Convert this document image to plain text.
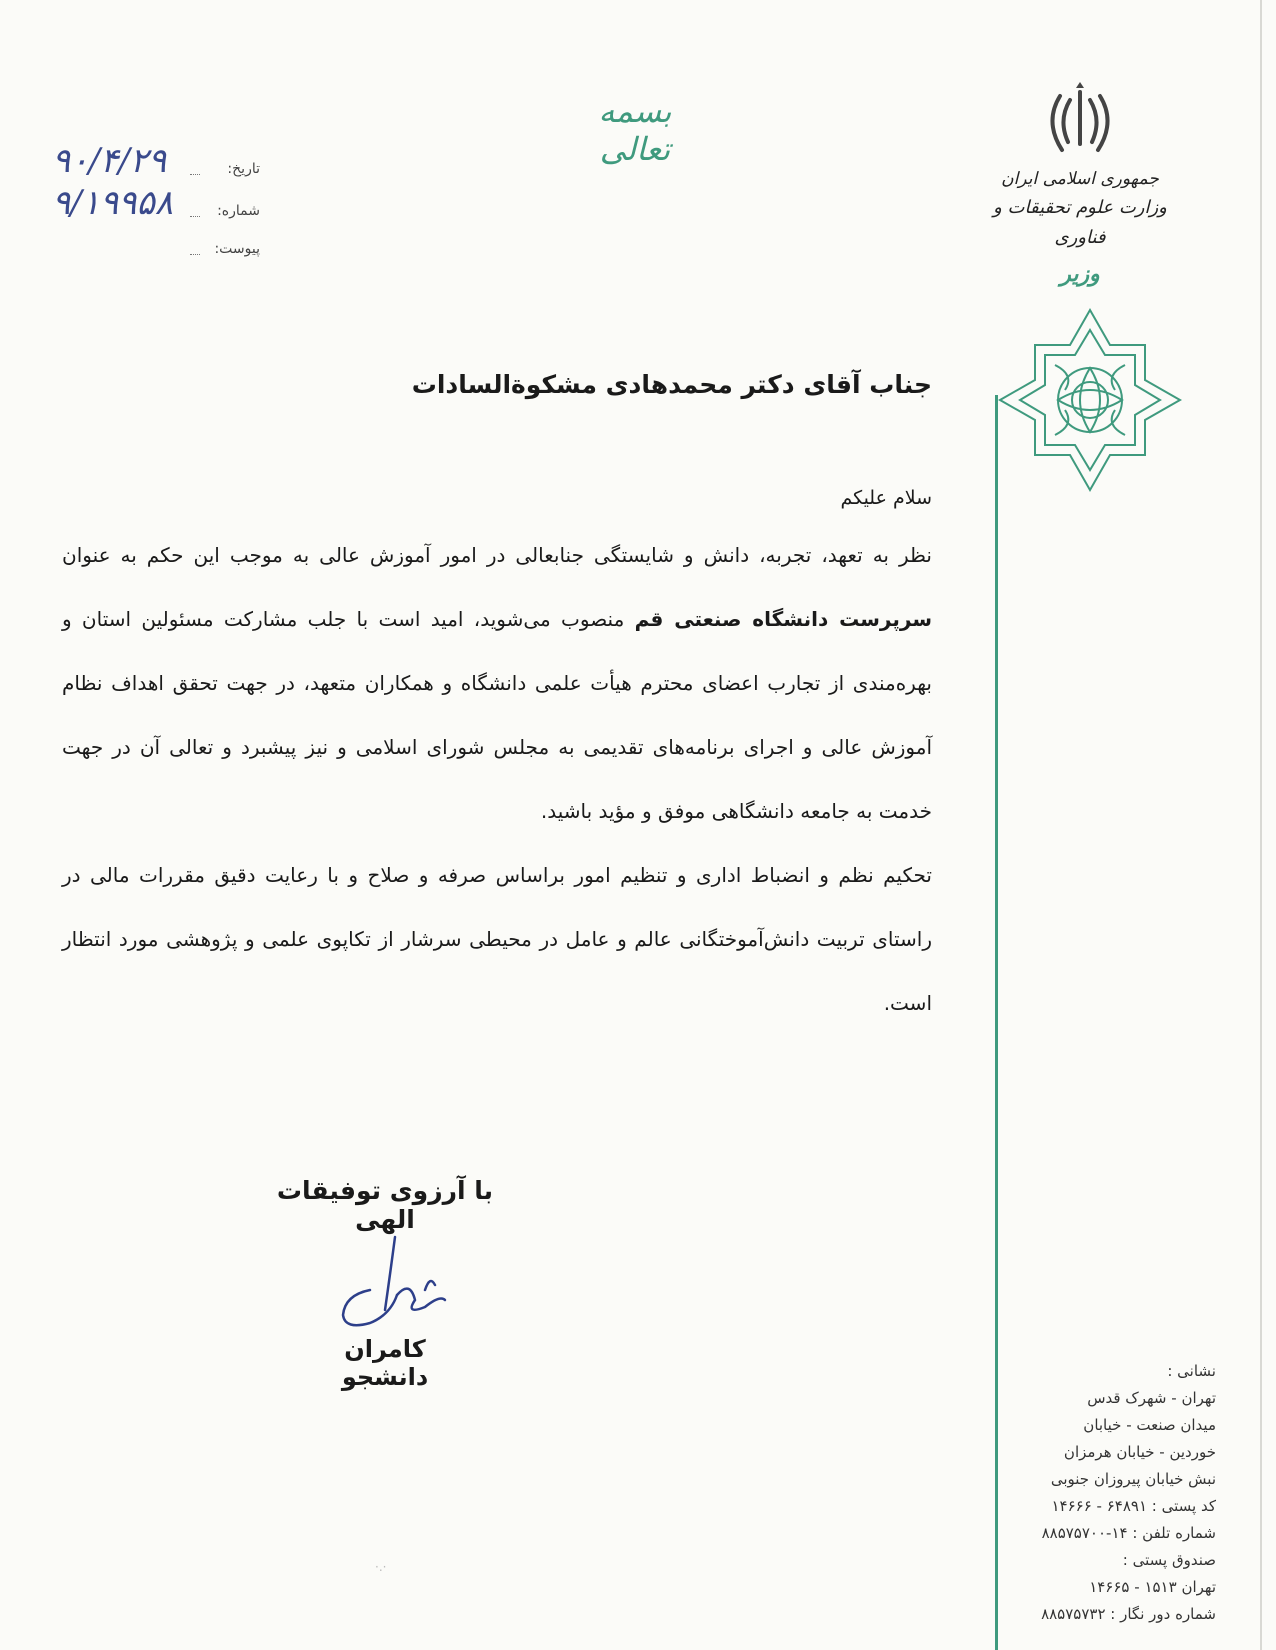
جمهوری اسلامی ایران
وزارت علوم تحقیقات و فناوری
وزیر
بسمه تعالی
۹۰/۴/۲۹	تاریخ:
۹/۱۹۹۵۸	شماره:
پیوست:

جناب آقای دکتر محمدهادی مشکوةالسادات

سلام علیکم

نظر به تعهد، تجربه، دانش و شایستگی جنابعالی در امور آموزش عالی به موجب این حکم به عنوان سرپرست دانشگاه صنعتی قم منصوب می‌شوید، امید است با جلب مشارکت مسئولین استان و بهره‌مندی از تجارب اعضای محترم هیأت علمی دانشگاه و همکاران متعهد، در جهت تحقق اهداف نظام آموزش عالی و اجرای برنامه‌های تقدیمی به مجلس شورای اسلامی و نیز پیشبرد و تعالی آن در جهت خدمت به جامعه دانشگاهی موفق و مؤید باشید.

تحکیم نظم و انضباط اداری و تنظیم امور براساس صرفه و صلاح و با رعایت دقیق مقررات مالی در راستای تربیت دانش‌آموختگانی عالم و عامل در محیطی سرشار از تکاپوی علمی و پژوهشی مورد انتظار است.

با آرزوی توفیقات الهی
کامران دانشجو	نشانی :
تهران - شهرک قدس
میدان صنعت - خیابان
خوردین - خیابان هرمزان
نبش خیابان پیروزان جنوبی
کد پستی : ۶۴۸۹۱ - ۱۴۶۶۶
شماره تلفن : ۱۴-۸۸۵۷۵۷۰۰
صندوق پستی :
تهران ۱۵۱۳ - ۱۴۶۶۵
شماره دور نگار : ۸۸۵۷۵۷۳۲
·.·
